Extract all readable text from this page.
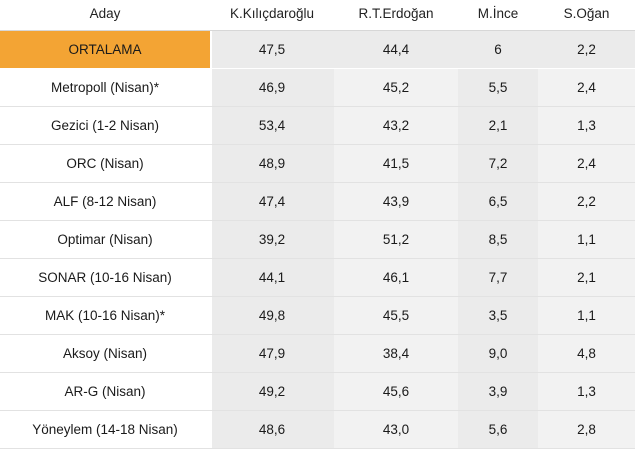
Aday	K.Kılıçdaroğlu	R.T.Erdoğan	M.İnce	S.Oğan
ORTALAMA	47,5	44,4	6	2,2
Metropoll (Nisan)*	46,9	45,2	5,5	2,4
Gezici (1-2 Nisan)	53,4	43,2	2,1	1,3
ORC (Nisan)	48,9	41,5	7,2	2,4
ALF (8-12 Nisan)	47,4	43,9	6,5	2,2
Optimar (Nisan)	39,2	51,2	8,5	1,1
SONAR (10-16 Nisan)	44,1	46,1	7,7	2,1
MAK (10-16 Nisan)*	49,8	45,5	3,5	1,1
Aksoy (Nisan)	47,9	38,4	9,0	4,8
AR-G (Nisan)	49,2	45,6	3,9	1,3
Yöneylem (14-18 Nisan)	48,6	43,0	5,6	2,8
